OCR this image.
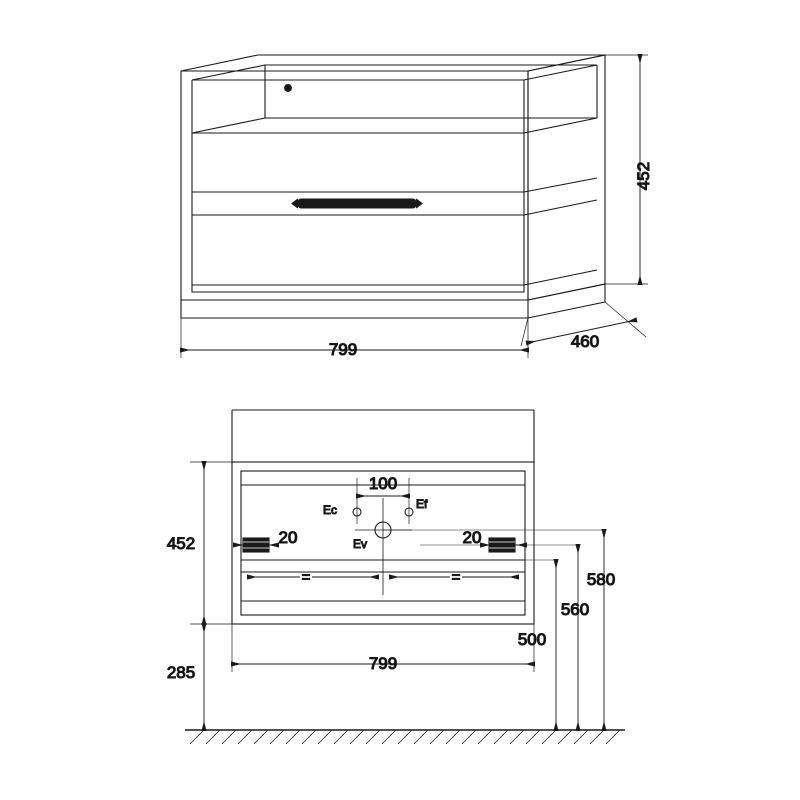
452
799	460
Ec	Ef
Ev
=	=
100
20	20
452
285	799
580
560
500
